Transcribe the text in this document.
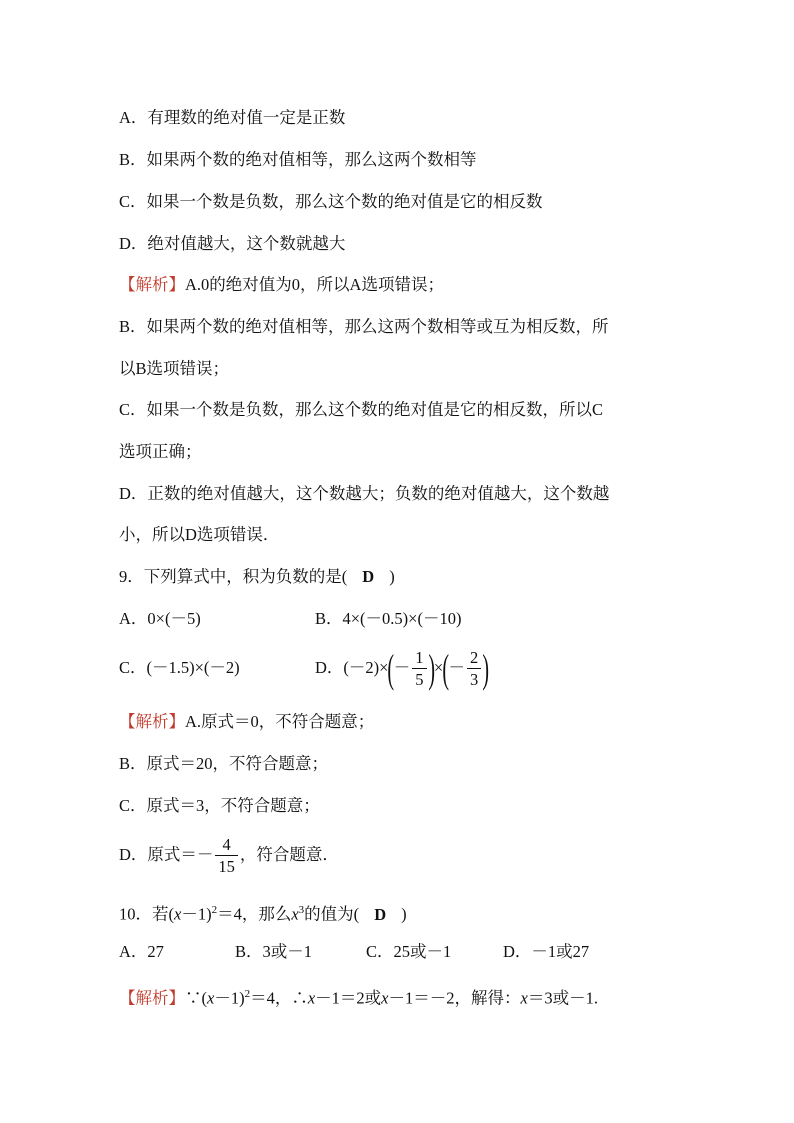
A．有理数的绝对值一定是正数
B．如果两个数的绝对值相等，那么这两个数相等
C．如果一个数是负数，那么这个数的绝对值是它的相反数
D．绝对值越大，这个数就越大
【解析】A.0的绝对值为0，所以A选项错误；
B．如果两个数的绝对值相等，那么这两个数相等或互为相反数，所
以B选项错误；
C．如果一个数是负数，那么这个数的绝对值是它的相反数，所以C
选项正确；
D．正数的绝对值越大，这个数越大；负数的绝对值越大，这个数越
小，所以D选项错误．
9．下列算式中，积为负数的是( D )
A．0×(－5)	B．4×(－0.5)×(－10)
C．(－1.5)×(－2)	D．$(-2)\times(- \frac{1}{5}$ )×(－ $\frac{2}{3}$ )
【解析】A.原式＝0，不符合题意；
B．原式＝20，不符合题意；
C．原式＝3，不符合题意；
D．原式＝－ $\frac{4}{15}$ ，符合题意．
10．若$(x-1)^2=4$，那么$x^3$的值为( D )
A．27	B．3或－1	C．25或－1	D．－1或27
【解析】$\because(x-1)^2=4$，∴x－1＝2或x－1＝－2，解得：x＝3或－1.
